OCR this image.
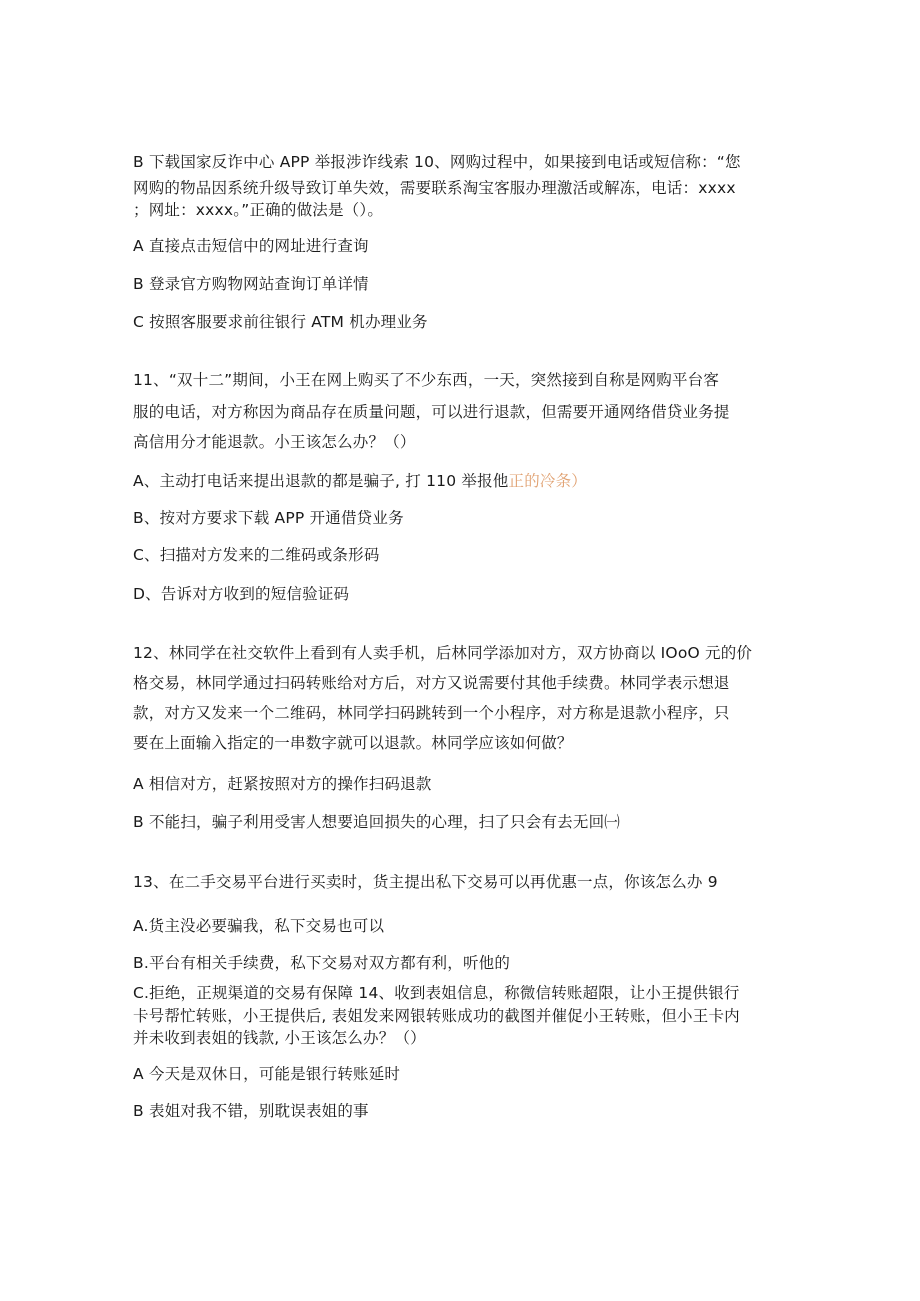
B 下载国家反诈中心 APP 举报涉诈线索 10、网购过程中，如果接到电话或短信称：“您
网购的物品因系统升级导致订单失效，需要联系淘宝客服办理激活或解冻，电话：xxxx
；网址：xxxx。”正确的做法是（）。
A 直接点击短信中的网址进行查询
B 登录官方购物网站查询订单详情
C 按照客服要求前往银行 ATM 机办理业务
11、“双十二”期间，小王在网上购买了不少东西，一天，突然接到自称是网购平台客
服的电话，对方称因为商品存在质量问题，可以进行退款，但需要开通网络借贷业务提
高信用分才能退款。小王该怎么办？（）
A、主动打电话来提出退款的都是骗子, 打 110 举报他正的冷条）
B、按对方要求下载 APP 开通借贷业务
C、扫描对方发来的二维码或条形码
D、告诉对方收到的短信验证码
12、林同学在社交软件上看到有人卖手机，后林同学添加对方，双方协商以 IOoO 元的价
格交易，林同学通过扫码转账给对方后，对方又说需要付其他手续费。林同学表示想退
款，对方又发来一个二维码，林同学扫码跳转到一个小程序，对方称是退款小程序，只
要在上面输入指定的一串数字就可以退款。林同学应该如何做？
A 相信对方，赶紧按照对方的操作扫码退款
B 不能扫，骗子利用受害人想要追回损失的心理，扫了只会有去无回㈠
13、在二手交易平台进行买卖时，货主提出私下交易可以再优惠一点，你该怎么办 9
A.货主没必要骗我，私下交易也可以
B.平台有相关手续费，私下交易对双方都有利，听他的
C.拒绝，正规渠道的交易有保障 14、收到表姐信息，称微信转账超限，让小王提供银行
卡号帮忙转账，小王提供后, 表姐发来网银转账成功的截图并催促小王转账，但小王卡内
并未收到表姐的钱款, 小王该怎么办？（）
A 今天是双休日，可能是银行转账延时
B 表姐对我不错，别耽误表姐的事
